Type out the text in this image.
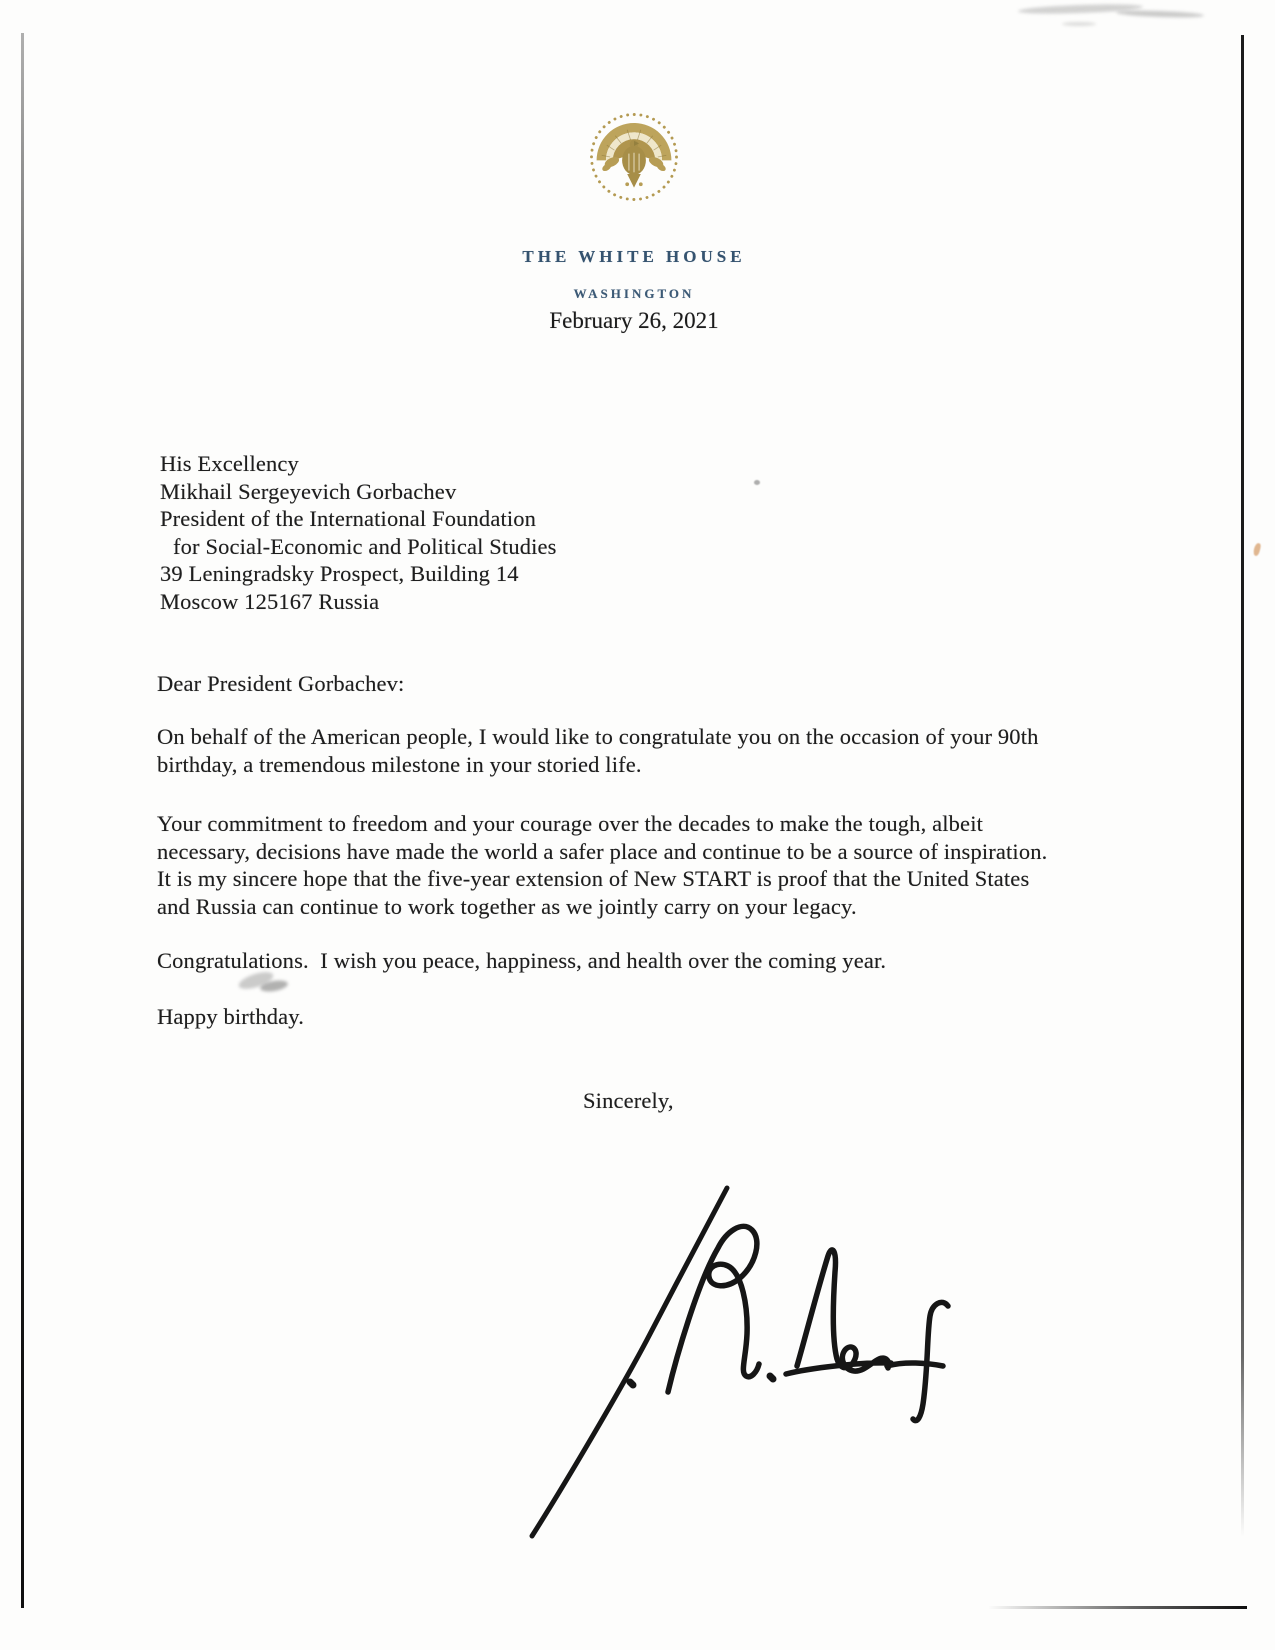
THE WHITE HOUSE
WASHINGTON
February 26, 2021
His Excellency
Mikhail Sergeyevich Gorbachev
President of the International Foundation
for Social-Economic and Political Studies
39 Leningradsky Prospect, Building 14
Moscow 125167 Russia
Dear President Gorbachev:
On behalf of the American people, I would like to congratulate you on the occasion of your 90th
birthday, a tremendous milestone in your storied life.
Your commitment to freedom and your courage over the decades to make the tough, albeit
necessary, decisions have made the world a safer place and continue to be a source of inspiration.
It is my sincere hope that the five-year extension of New START is proof that the United States
and Russia can continue to work together as we jointly carry on your legacy.
Congratulations.  I wish you peace, happiness, and health over the coming year.
Happy birthday.
Sincerely,
